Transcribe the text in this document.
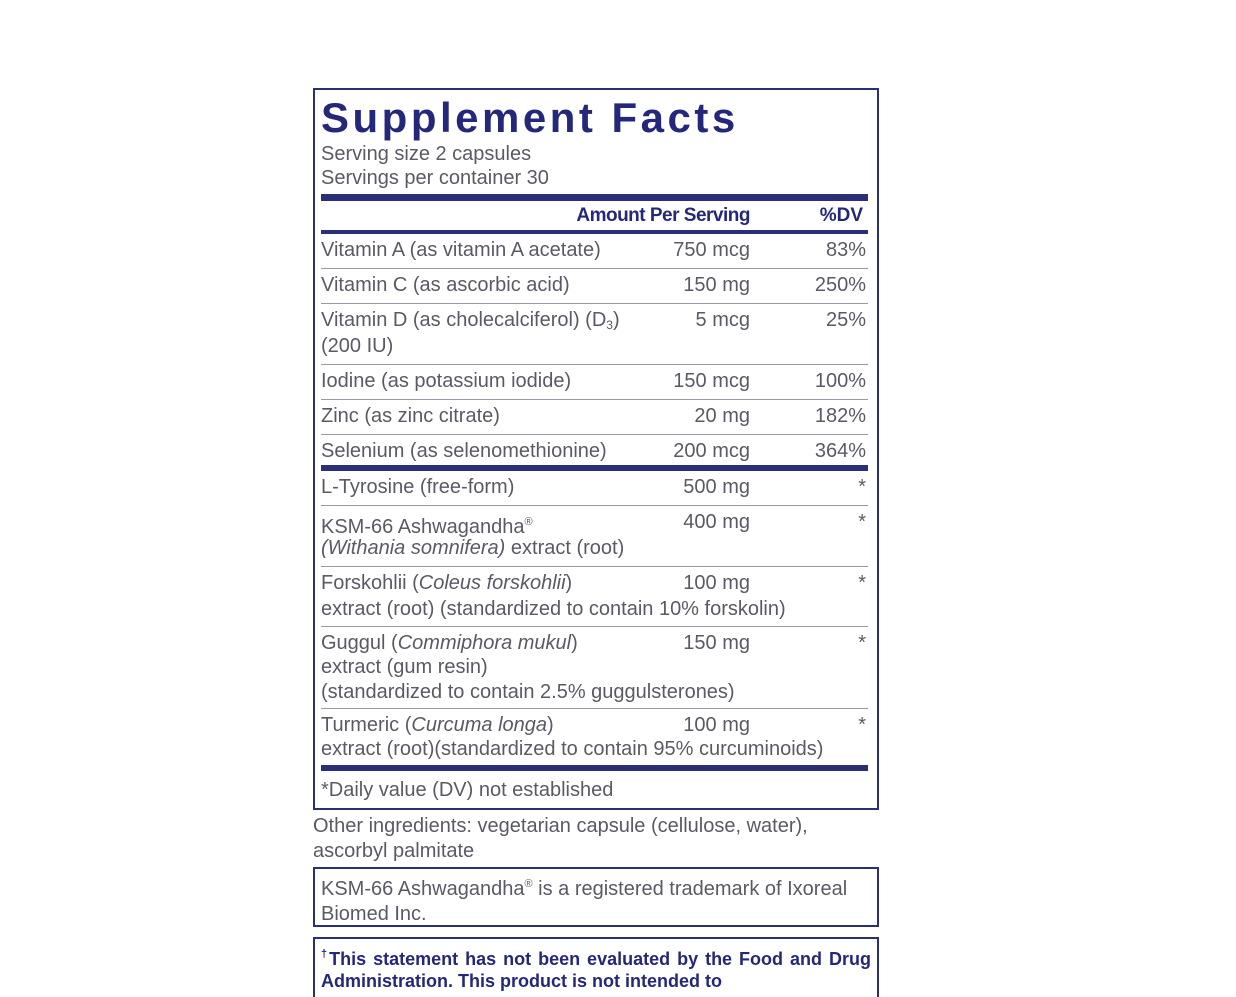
Supplement Facts
Serving size 2 capsules
Servings per container 30
Amount Per Serving	%DV
Vitamin A (as vitamin A acetate)	750 mcg	83%
Vitamin C (as ascorbic acid)	150 mg	250%
Vitamin D (as cholecalciferol) $(D_3)$
(200 IU)
5 mcg	25%
Iodine (as potassium iodide)	150 mcg	100%
Zinc (as zinc citrate)	20 mg	182%
Selenium (as selenomethionine)	200 mcg	364%
L-Tyrosine (free-form)	500 mg	*
KSM-66 Ashwagandha®
(Withania somnifera) extract (root)
400 mg	*
Forskohlii (Coleus forskohlii)
extract (root) (standardized to contain 10% forskolin)
100 mg	*
Guggul (Commiphora mukul)
extract (gum resin)
(standardized to contain 2.5% guggulsterones)
150 mg	*
Turmeric (Curcuma longa)
extract (root)(standardized to contain 95% curcuminoids)
100 mg	*
*Daily value (DV) not established
Other ingredients: vegetarian capsule (cellulose, water), ascorbyl palmitate
KSM-66 Ashwagandha® is a registered trademark of Ixoreal Biomed Inc.
†This statement has not been evaluated by the Food and Drug Administration. This product is not intended to
